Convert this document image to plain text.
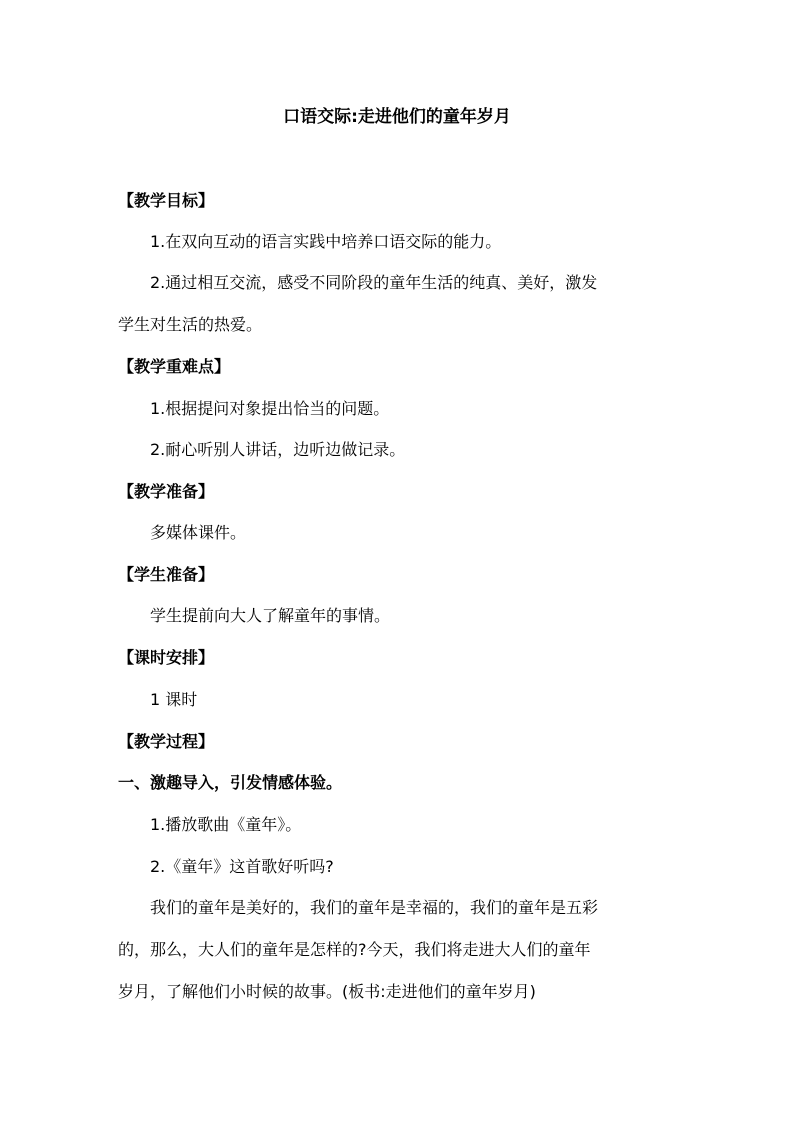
口语交际:走进他们的童年岁月
【教学目标】
1.在双向互动的语言实践中培养口语交际的能力。
2.通过相互交流，感受不同阶段的童年生活的纯真、美好，激发
学生对生活的热爱。
【教学重难点】
1.根据提问对象提出恰当的问题。
2.耐心听别人讲话，边听边做记录。
【教学准备】
多媒体课件。
【学生准备】
学生提前向大人了解童年的事情。
【课时安排】
1 课时
【教学过程】
一、激趣导入，引发情感体验。
1.播放歌曲《童年》。
2.《童年》这首歌好听吗?
我们的童年是美好的，我们的童年是幸福的，我们的童年是五彩
的，那么，大人们的童年是怎样的?今天，我们将走进大人们的童年
岁月，了解他们小时候的故事。(板书:走进他们的童年岁月)
